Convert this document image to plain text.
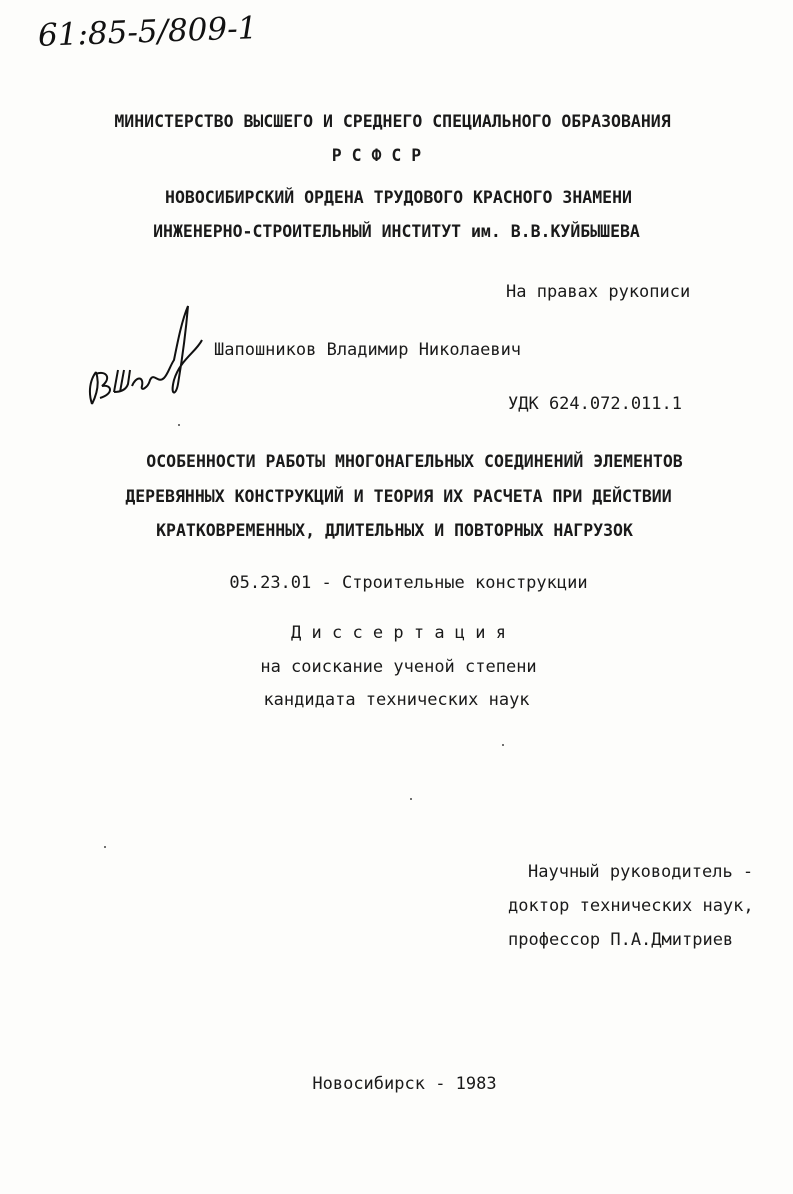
61:85-5/809-1
МИНИСТЕРСТВО ВЫСШЕГО И СРЕДНЕГО СПЕЦИАЛЬНОГО ОБРАЗОВАНИЯ
Р С Ф С Р
НОВОСИБИРСКИЙ ОРДЕНА ТРУДОВОГО КРАСНОГО ЗНАМЕНИ
ИНЖЕНЕРНО-СТРОИТЕЛЬНЫЙ ИНСТИТУТ им. В.В.КУЙБЫШЕВА
На правах рукописи
ВШапошн
Шапошников Владимир Николаевич
УДК 624.072.011.1
ОСОБЕННОСТИ РАБОТЫ МНОГОНАГЕЛЬНЫХ СОЕДИНЕНИЙ ЭЛЕМЕНТОВ
ДЕРЕВЯННЫХ КОНСТРУКЦИЙ И ТЕОРИЯ ИХ РАСЧЕТА ПРИ ДЕЙСТВИИ
КРАТКОВРЕМЕННЫХ, ДЛИТЕЛЬНЫХ И ПОВТОРНЫХ НАГРУЗОК
05.23.01 - Строительные конструкции
Д и с с е р т а ц и я
на соискание ученой степени
кандидата технических наук
Научный руководитель -
доктор технических наук,
профессор П.А.Дмитриев
Новосибирск - 1983
